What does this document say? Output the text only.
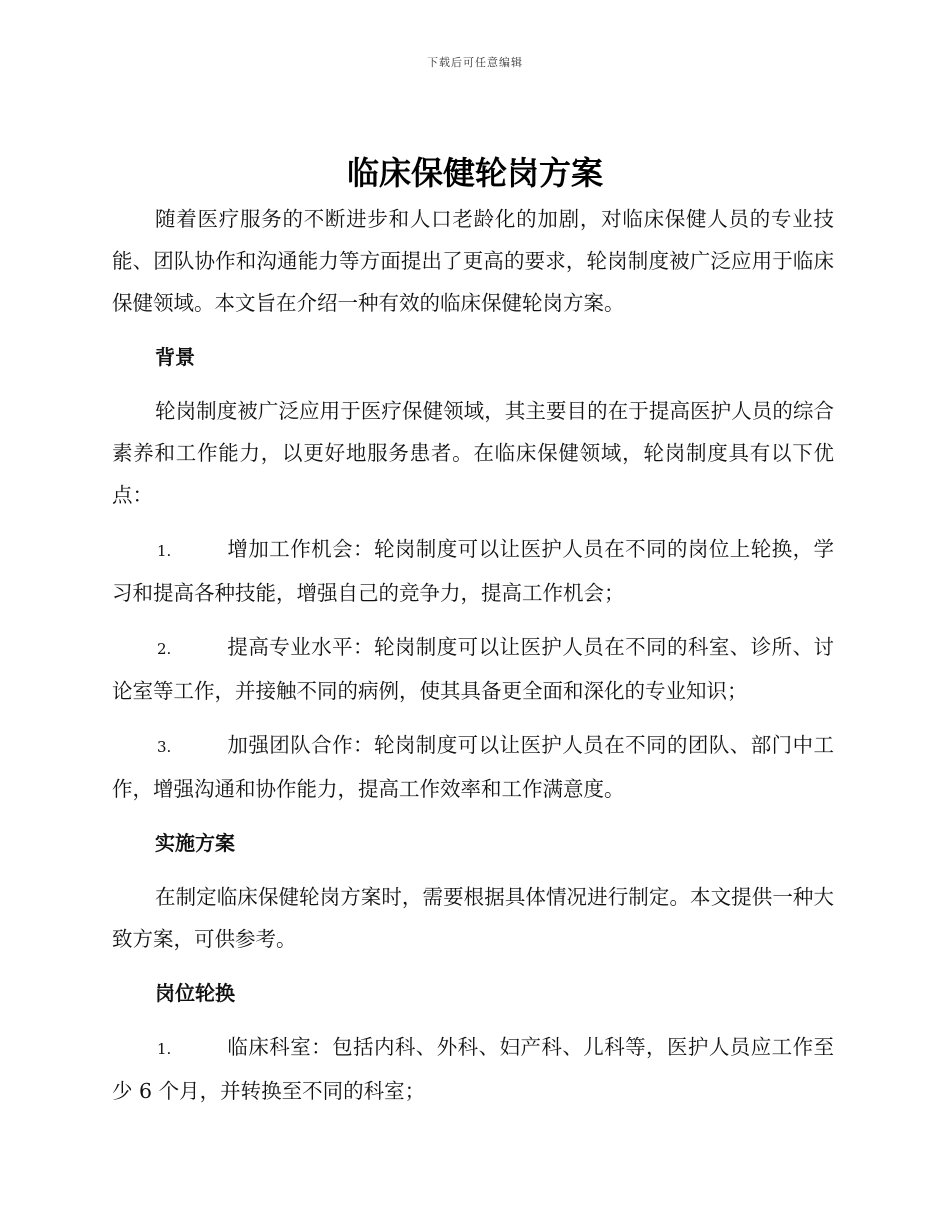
下载后可任意编辑
临床保健轮岗方案

随着医疗服务的不断进步和人口老龄化的加剧，对临床保健人员的专业技能、团队协作和沟通能力等方面提出了更高的要求，轮岗制度被广泛应用于临床保健领域。本文旨在介绍一种有效的临床保健轮岗方案。

背景

轮岗制度被广泛应用于医疗保健领域，其主要目的在于提高医护人员的综合素养和工作能力，以更好地服务患者。在临床保健领域，轮岗制度具有以下优点：

1.	增加工作机会：轮岗制度可以让医护人员在不同的岗位上轮换，学习和提高各种技能，增强自己的竞争力，提高工作机会；

2.	提高专业水平：轮岗制度可以让医护人员在不同的科室、诊所、讨论室等工作，并接触不同的病例，使其具备更全面和深化的专业知识；

3.	加强团队合作：轮岗制度可以让医护人员在不同的团队、部门中工作，增强沟通和协作能力，提高工作效率和工作满意度。

实施方案

在制定临床保健轮岗方案时，需要根据具体情况进行制定。本文提供一种大致方案，可供参考。

岗位轮换

1.	临床科室：包括内科、外科、妇产科、儿科等，医护人员应工作至少 6 个月，并转换至不同的科室；
